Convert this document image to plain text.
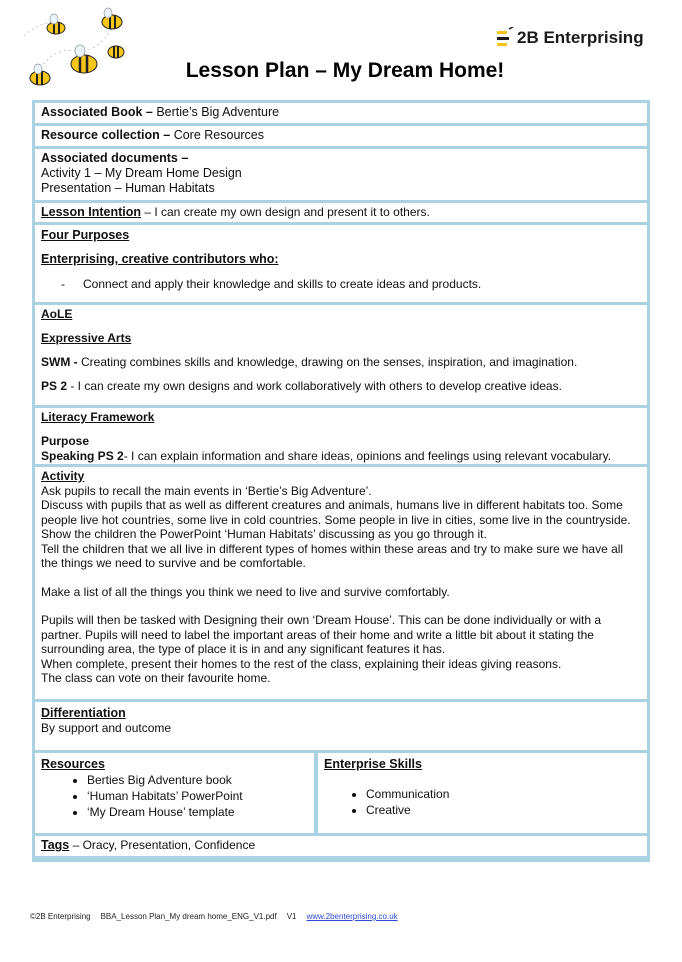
2B Enterprising
Lesson Plan – My Dream Home!
Associated Book – Bertie’s Big Adventure
Resource collection – Core Resources

Associated documents –

Activity 1 – My Dream Home Design

Presentation – Human Habitats

Lesson Intention – I can create my own design and present it to others.

Four Purposes

Enterprising, creative contributors who:

- Connect and apply their knowledge and skills to create ideas and products.

AoLE

Expressive Arts

SWM - Creating combines skills and knowledge, drawing on the senses, inspiration, and imagination.

PS 2 - I can create my own designs and work collaboratively with others to develop creative ideas.

Literacy Framework

Purpose

Speaking PS 2- I can explain information and share ideas, opinions and feelings using relevant vocabulary.

Activity

Ask pupils to recall the main events in ‘Bertie’s Big Adventure’.

Discuss with pupils that as well as different creatures and animals, humans live in different habitats too. Some people live hot countries, some live in cold countries. Some people in live in cities, some live in the countryside. Show the children the PowerPoint ‘Human Habitats’ discussing as you go through it.

Tell the children that we all live in different types of homes within these areas and try to make sure we have all the things we need to survive and be comfortable.

Make a list of all the things you think we need to live and survive comfortably.

Pupils will then be tasked with Designing their own ‘Dream House’. This can be done individually or with a partner. Pupils will need to label the important areas of their home and write a little bit about it stating the surrounding area, the type of place it is in and any significant features it has.

When complete, present their homes to the rest of the class, explaining their ideas giving reasons.

The class can vote on their favourite home.

Differentiation

By support and outcome

Resources

• Berties Big Adventure book
• ‘Human Habitats’ PowerPoint
• ‘My Dream House’ template

Enterprise Skills

• Communication
• Creative
Tags – Oracy, Presentation, Confidence
©2B Enterprising BBA_Lesson Plan_My dream home_ENG_V1.pdf V1 www.2benterprising.co.uk
